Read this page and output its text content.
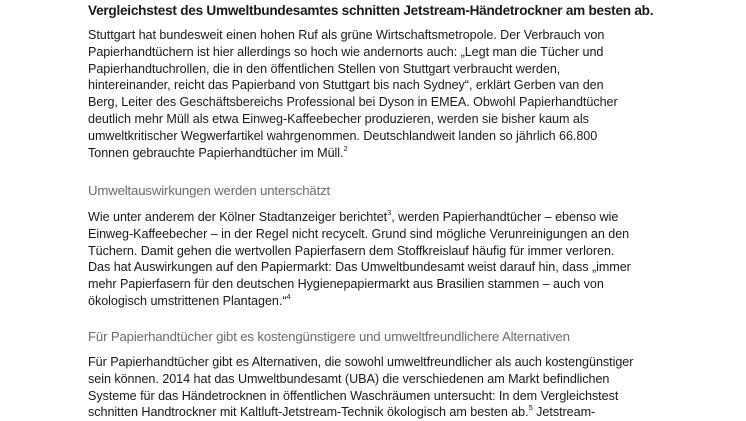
Vergleichstest des Umweltbundesamtes schnitten Jetstream-Händetrockner am besten ab.
Stuttgart hat bundesweit einen hohen Ruf als grüne Wirtschaftsmetropole. Der Verbrauch von
Papierhandtüchern ist hier allerdings so hoch wie andernorts auch: „Legt man die Tücher und
Papierhandtuchrollen, die in den öffentlichen Stellen von Stuttgart verbraucht werden,
hintereinander, reicht das Papierband von Stuttgart bis nach Sydney“, erklärt Gerben van den
Berg, Leiter des Geschäftsbereichs Professional bei Dyson in EMEA. Obwohl Papierhandtücher
deutlich mehr Müll als etwa Einweg-Kaffeebecher produzieren, werden sie bisher kaum als
umweltkritischer Wegwerfartikel wahrgenommen. Deutschlandweit landen so jährlich 66.800
Tonnen gebrauchte Papierhandtücher im Müll.$^2$
Umweltauswirkungen werden unterschätzt
Wie unter anderem der Kölner Stadtanzeiger berichtet$^3$, werden Papierhandtücher – ebenso wie
Einweg-Kaffeebecher – in der Regel nicht recycelt. Grund sind mögliche Verunreinigungen an den
Tüchern. Damit gehen die wertvollen Papierfasern dem Stoffkreislauf häufig für immer verloren.
Das hat Auswirkungen auf den Papiermarkt: Das Umweltbundesamt weist darauf hin, dass „immer
mehr Papierfasern für den deutschen Hygienepapiermarkt aus Brasilien stammen – auch von
ökologisch umstrittenen Plantagen.“$^4$
Für Papierhandtücher gibt es kostengünstigere und umweltfreundlichere Alternativen
Für Papierhandtücher gibt es Alternativen, die sowohl umweltfreundlicher als auch kostengünstiger
sein können. 2014 hat das Umweltbundesamt (UBA) die verschiedenen am Markt befindlichen
Systeme für das Händetrocknen in öffentlichen Waschräumen untersucht: In dem Vergleichstest
schnitten Handtrockner mit Kaltluft-Jetstream-Technik ökologisch am besten ab.$^5$ Jetstream-
